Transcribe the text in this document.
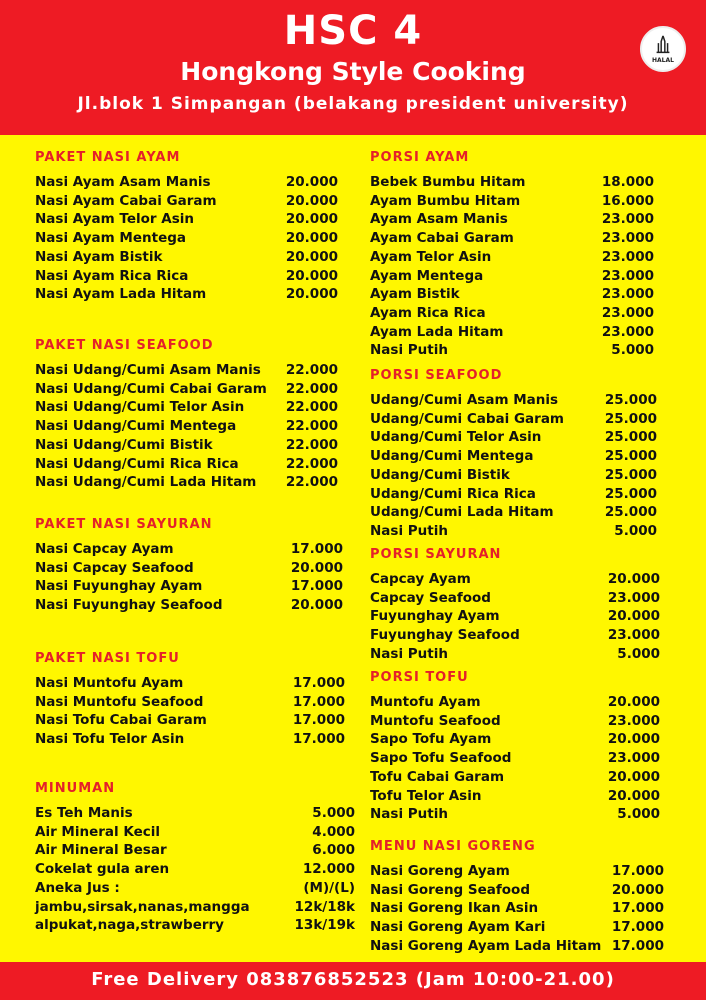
HSC 4
Hongkong Style Cooking
Jl.blok 1 Simpangan (belakang president university)
HALAL
PAKET NASI AYAM
Nasi Ayam Asam Manis	20.000
Nasi Ayam Cabai Garam	20.000
Nasi Ayam Telor Asin	20.000
Nasi Ayam Mentega	20.000
Nasi Ayam Bistik	20.000
Nasi Ayam Rica Rica	20.000
Nasi Ayam Lada Hitam	20.000
PAKET NASI SEAFOOD
Nasi Udang/Cumi Asam Manis 22.000
Nasi Udang/Cumi Cabai Garam 22.000
Nasi Udang/Cumi Telor Asin	22.000
Nasi Udang/Cumi Mentega	22.000
Nasi Udang/Cumi Bistik	22.000
Nasi Udang/Cumi Rica Rica	22.000
Nasi Udang/Cumi Lada Hitam 22.000
PAKET NASI SAYURAN
Nasi Capcay Ayam	17.000
Nasi Capcay Seafood	20.000
Nasi Fuyunghay Ayam	17.000
Nasi Fuyunghay Seafood	20.000
PAKET NASI TOFU
Nasi Muntofu Ayam	17.000
Nasi Muntofu Seafood	17.000
Nasi Tofu Cabai Garam	17.000
Nasi Tofu Telor Asin	17.000
MINUMAN
Es Teh Manis	5.000
Air Mineral Kecil	4.000
Air Mineral Besar	6.000
Cokelat gula aren	12.000
Aneka Jus :	(M)/(L)
jambu,sirsak,nanas,mangga	12k/18k
alpukat,naga,strawberry	13k/19k
PORSI AYAM
Bebek Bumbu Hitam	18.000
Ayam Bumbu Hitam	16.000
Ayam Asam Manis	23.000
Ayam Cabai Garam	23.000
Ayam Telor Asin	23.000
Ayam Mentega	23.000
Ayam Bistik	23.000
Ayam Rica Rica	23.000
Ayam Lada Hitam	23.000
Nasi Putih	5.000
PORSI SEAFOOD
Udang/Cumi Asam Manis	25.000
Udang/Cumi Cabai Garam	25.000
Udang/Cumi Telor Asin	25.000
Udang/Cumi Mentega	25.000
Udang/Cumi Bistik	25.000
Udang/Cumi Rica Rica	25.000
Udang/Cumi Lada Hitam	25.000
Nasi Putih	5.000
PORSI SAYURAN
Capcay Ayam	20.000
Capcay Seafood	23.000
Fuyunghay Ayam	20.000
Fuyunghay Seafood	23.000
Nasi Putih	5.000
PORSI TOFU
Muntofu Ayam	20.000
Muntofu Seafood	23.000
Sapo Tofu Ayam	20.000
Sapo Tofu Seafood	23.000
Tofu Cabai Garam	20.000
Tofu Telor Asin	20.000
Nasi Putih	5.000
MENU NASI GORENG
Nasi Goreng Ayam	17.000
Nasi Goreng Seafood	20.000
Nasi Goreng Ikan Asin	17.000
Nasi Goreng Ayam Kari	17.000
Nasi Goreng Ayam Lada Hitam 17.000
Free Delivery 083876852523 (Jam 10:00-21.00)
